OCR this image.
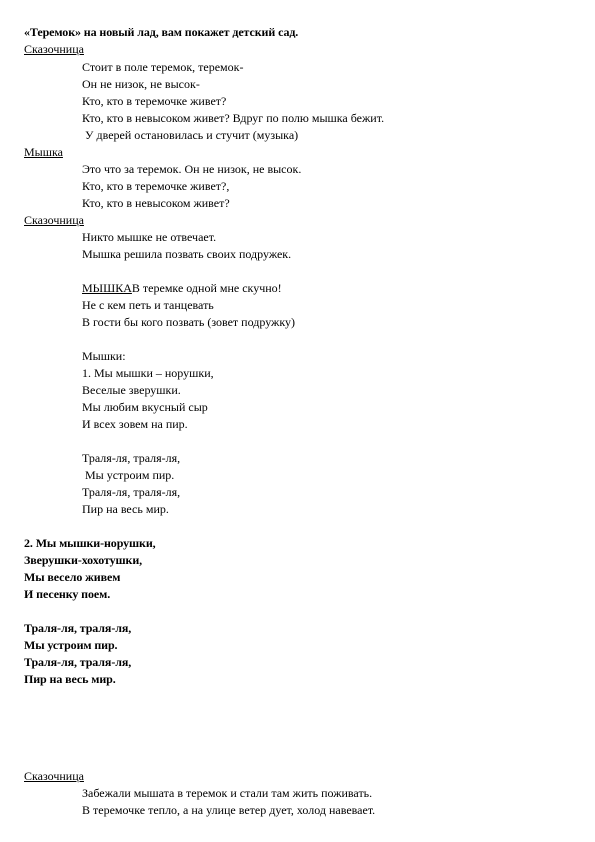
«Теремок» на новый лад, вам покажет детский сад.
Сказочница
Стоит в поле теремок, теремок-
Он не низок, не высок-
Кто, кто в теремочке живет?
Кто, кто в невысоком живет? Вдруг по полю мышка бежит.
У дверей остановилась и стучит (музыка)
Мышка
Это что за теремок. Он не низок, не высок.
Кто, кто в теремочке живет?,
Кто, кто в невысоком живет?
Сказочница
Никто мышке не отвечает.
Мышка решила позвать своих подружек.
МЫШКАВ теремке одной мне скучно!
Не с кем петь и танцевать
В гости бы кого позвать (зовет подружку)
Мышки:
1. Мы мышки – норушки,
Веселые зверушки.
Мы любим вкусный сыр
И всех зовем на пир.
Траля-ля, траля-ля,
Мы устроим пир.
Траля-ля, траля-ля,
Пир на весь мир.
2. Мы мышки-норушки,
Зверушки-хохотушки,
Мы весело живем
И песенку поем.
Траля-ля, траля-ля,
Мы устроим пир.
Траля-ля, траля-ля,
Пир на весь мир.
Сказочница
Забежали мышата в теремок и стали там жить поживать.
В теремочке тепло, а на улице ветер дует, холод навевает.
